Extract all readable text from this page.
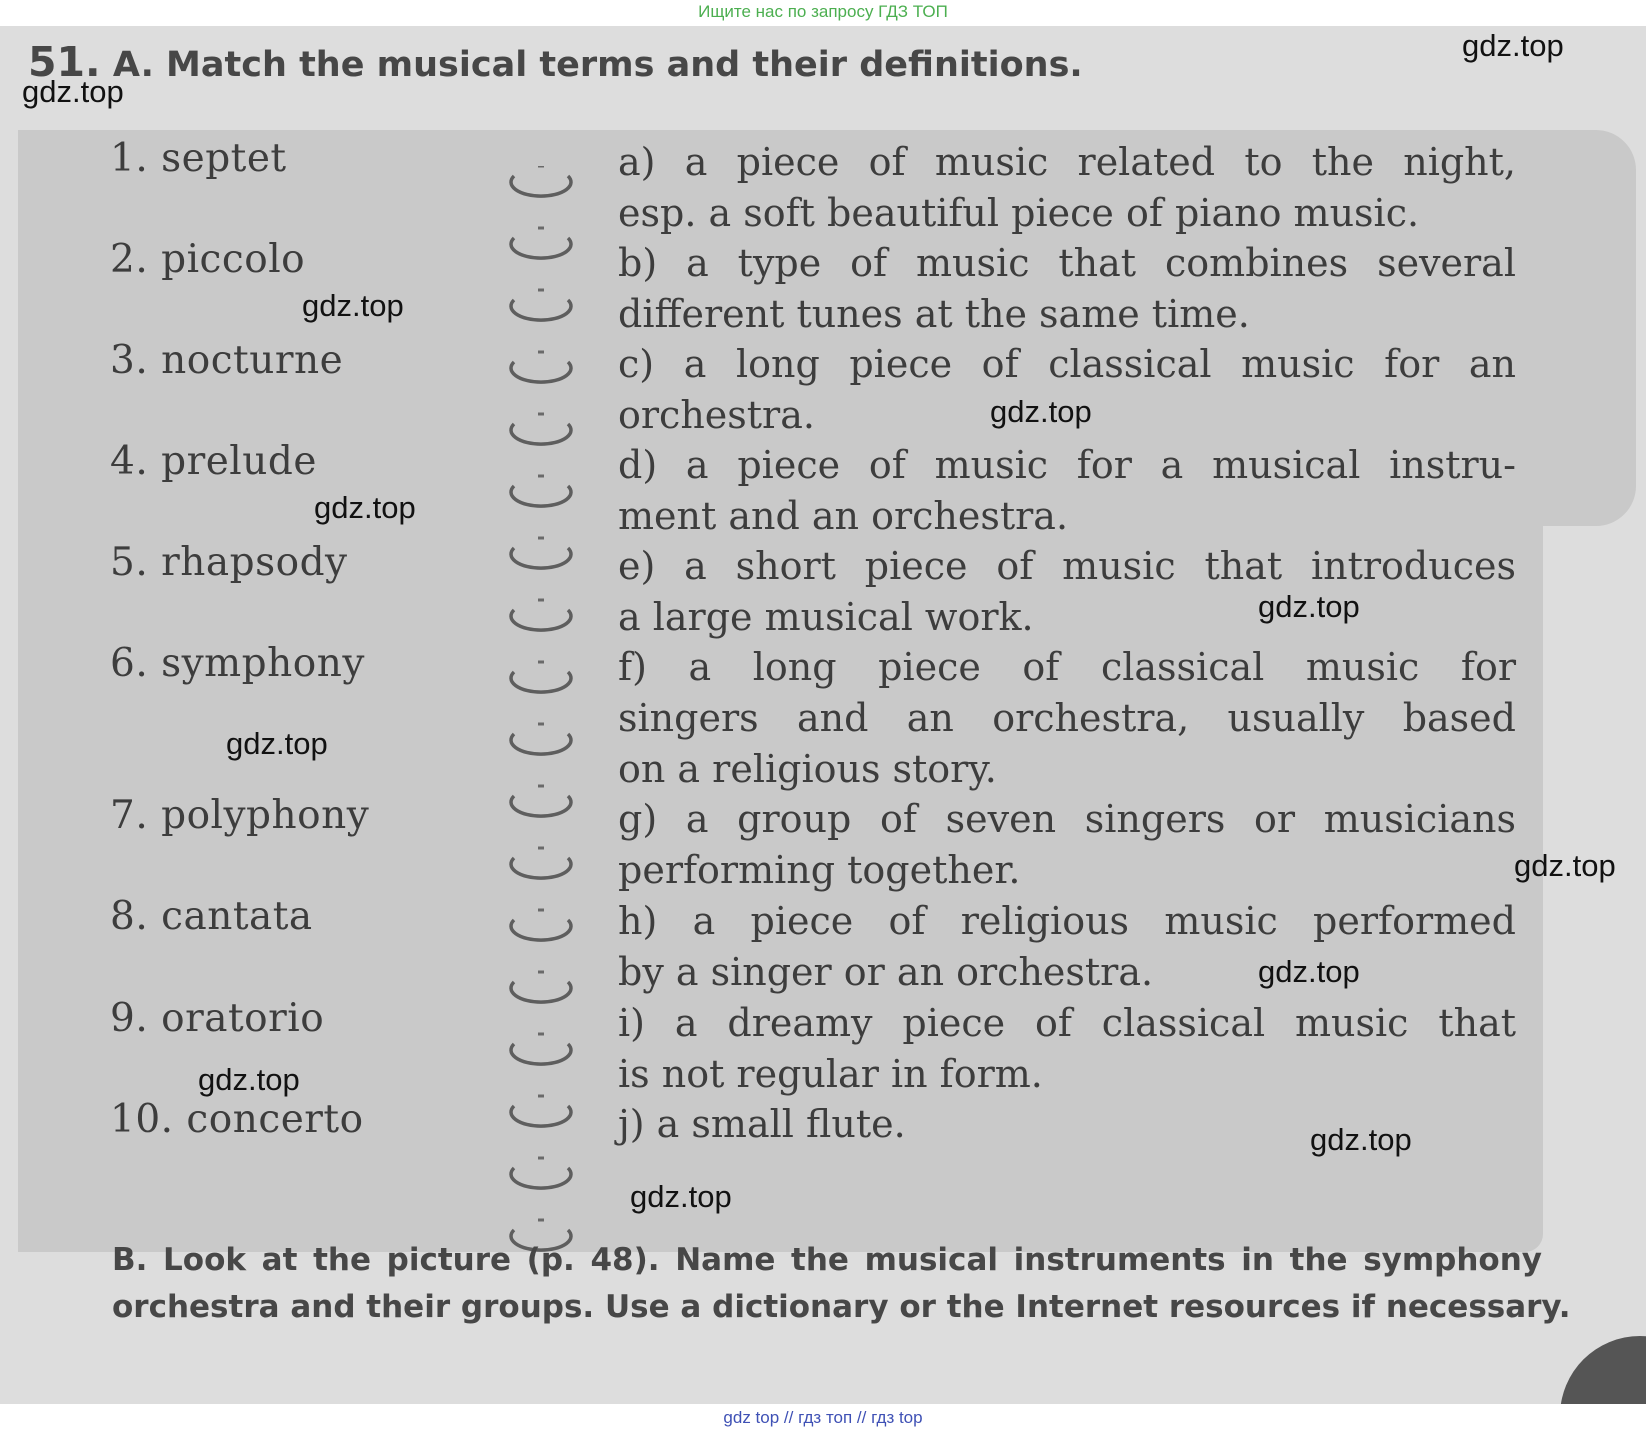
Ищите нас по запросу ГДЗ ТОП
51. A. Match the musical terms and their definitions.
1. septet
2. piccolo
3. nocturne
4. prelude
5. rhapsody
6. symphony
7. polyphony
8. cantata
9. oratorio
10. concerto
a) a piece of music related to the night,
esp. a soft beautiful piece of piano music.
b) a type of music that combines several
different tunes at the same time.
c) a long piece of classical music for an
orchestra.
d) a piece of music for a musical instru-
ment and an orchestra.
e) a short piece of music that introduces
a large musical work.
f) a long piece of classical music for
singers and an orchestra, usually based
on a religious story.
g) a group of seven singers or musicians
performing together.
h) a piece of religious music performed
by a singer or an orchestra.
i) a dreamy piece of classical music that
is not regular in form.
j) a small flute.
B. Look at the picture (p. 48). Name the musical instruments in the symphony
orchestra and their groups. Use a dictionary or the Internet resources if necessary.
gdz.top
gdz.top
gdz.top
gdz.top
gdz.top
gdz.top
gdz.top
gdz.top
gdz.top
gdz.top
gdz.top
gdz.top
gdz top // гдз топ // гдз top
